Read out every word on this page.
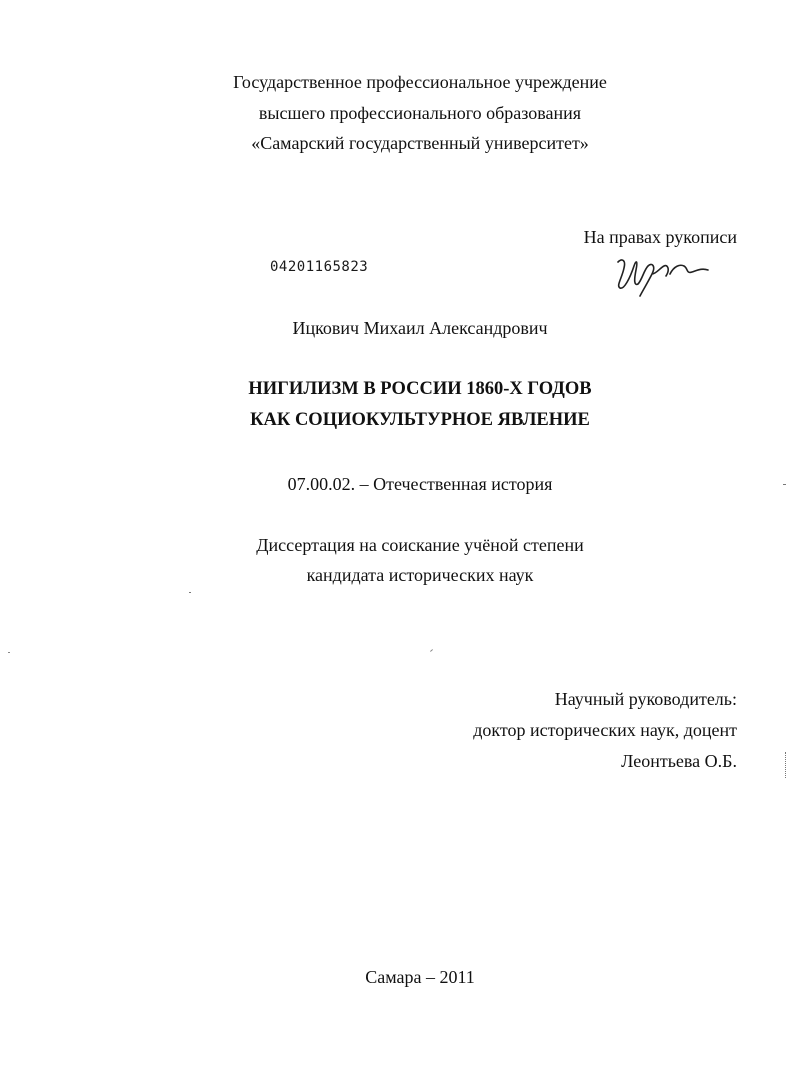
Государственное профессиональное учреждение
высшего профессионального образования
«Самарский государственный университет»
На правах рукописи
04201165823
Ицкович Михаил Александрович
НИГИЛИЗМ В РОССИИ 1860-Х ГОДОВ
КАК СОЦИОКУЛЬТУРНОЕ ЯВЛЕНИЕ
07.00.02. – Отечественная история
Диссертация на соискание учёной степени
кандидата исторических наук
Научный руководитель:
доктор исторических наук, доцент
Леонтьева О.Б.
Самара – 2011
